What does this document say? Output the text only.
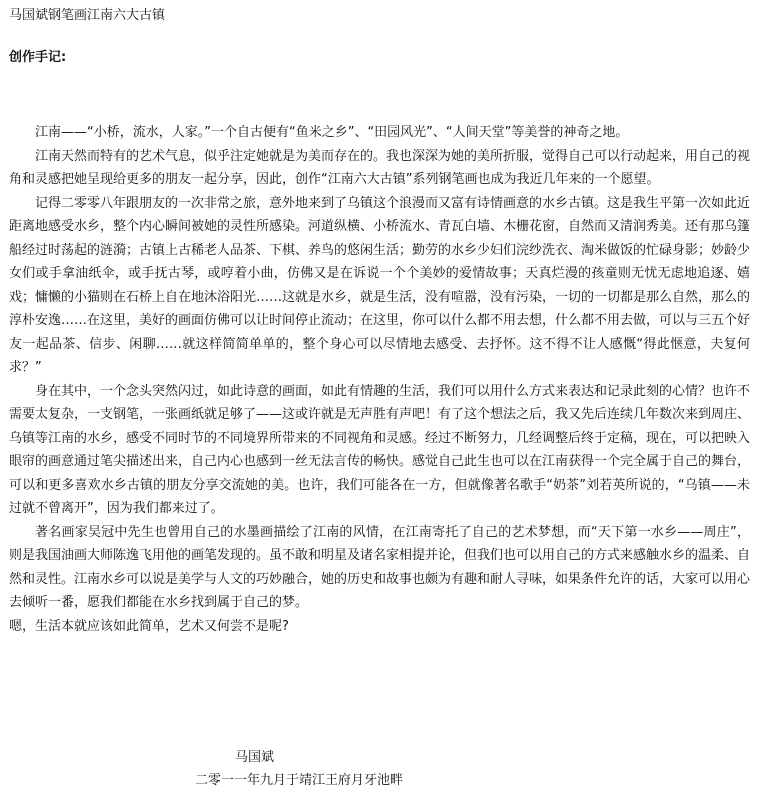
马国斌钢笔画江南六大古镇
创作手记:

江南——“小桥，流水，人家。”一个自古便有“鱼米之乡”、“田园风光”、“人间天堂”等美誉的神奇之地。

江南天然而特有的艺术气息，似乎注定她就是为美而存在的。我也深深为她的美所折服，觉得自己可以行动起来，用自己的视角和灵感把她呈现给更多的朋友一起分享，因此，创作“江南六大古镇”系列钢笔画也成为我近几年来的一个愿望。

记得二零零八年跟朋友的一次非常之旅，意外地来到了乌镇这个浪漫而又富有诗情画意的水乡古镇。这是我生平第一次如此近距离地感受水乡，整个内心瞬间被她的灵性所感染。河道纵横、小桥流水、青瓦白墙、木栅花窗，自然而又清润秀美。还有那乌篷船经过时荡起的涟漪；古镇上古稀老人品茶、下棋、养鸟的悠闲生活；勤劳的水乡少妇们浣纱洗衣、淘米做饭的忙碌身影；妙龄少女们或手拿油纸伞，或手抚古琴，或哼着小曲，仿佛又是在诉说一个个美妙的爱情故事；天真烂漫的孩童则无忧无虑地追逐、嬉戏；慵懒的小猫则在石桥上自在地沐浴阳光……这就是水乡，就是生活，没有喧嚣，没有污染，一切的一切都是那么自然，那么的淳朴安逸……在这里，美好的画面仿佛可以让时间停止流动；在这里，你可以什么都不用去想，什么都不用去做，可以与三五个好友一起品茶、信步、闲聊……就这样简简单单的，整个身心可以尽情地去感受、去抒怀。这不得不让人感慨“得此惬意，夫复何求？”

身在其中，一个念头突然闪过，如此诗意的画面，如此有情趣的生活，我们可以用什么方式来表达和记录此刻的心情？也许不需要太复杂，一支钢笔，一张画纸就足够了——这或许就是无声胜有声吧！有了这个想法之后，我又先后连续几年数次来到周庄、乌镇等江南的水乡，感受不同时节的不同境界所带来的不同视角和灵感。经过不断努力，几经调整后终于定稿，现在，可以把映入眼帘的画意通过笔尖描述出来，自己内心也感到一丝无法言传的畅快。感觉自己此生也可以在江南获得一个完全属于自己的舞台，可以和更多喜欢水乡古镇的朋友分享交流她的美。也许，我们可能各在一方，但就像著名歌手“奶茶”刘若英所说的，“乌镇——未过就不曾离开”，因为我们都来过了。

著名画家吴冠中先生也曾用自己的水墨画描绘了江南的风情，在江南寄托了自己的艺术梦想，而“天下第一水乡——周庄”，则是我国油画大师陈逸飞用他的画笔发现的。虽不敢和明星及诸名家相提并论，但我们也可以用自己的方式来感触水乡的温柔、自然和灵性。江南水乡可以说是美学与人文的巧妙融合，她的历史和故事也颇为有趣和耐人寻味，如果条件允许的话，大家可以用心去倾听一番，愿我们都能在水乡找到属于自己的梦。

嗯，生活本就应该如此简单，艺术又何尝不是呢?

马国斌
二零一一年九月于靖江王府月牙池畔
